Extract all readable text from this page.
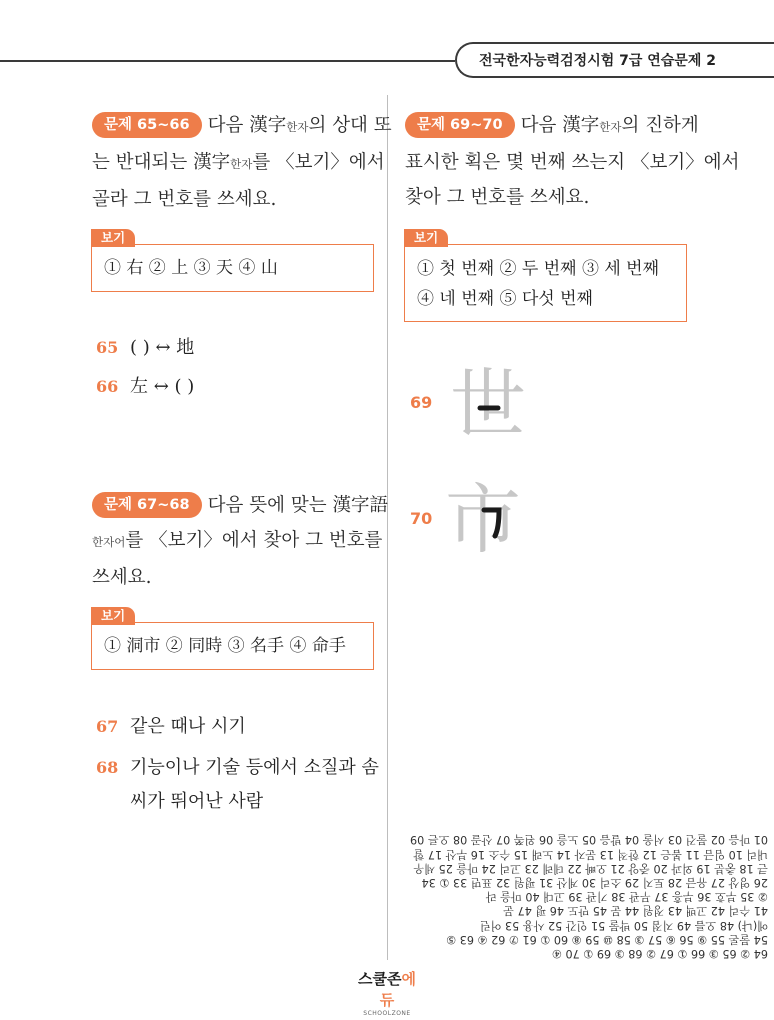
전국한자능력검정시험 7급 연습문제 2
문제 65~66 다음 漢字한자의 상대 또
는 반대되는 漢字한자를 〈보기〉에서
골라 그 번호를 쓰세요.
보기
① 右 ② 上 ③ 天 ④ 山
65 ( ) ↔ 地
66 左 ↔ ( )
문제 67~68 다음 뜻에 맞는 漢字語
한자어를 〈보기〉에서 찾아 그 번호를
쓰세요.
보기
① 洞市 ② 同時 ③ 名手 ④ 命手
67 같은 때나 시기
68 기능이나 기술 등에서 소질과 솜
씨가 뛰어난 사람
문제 69~70 다음 漢字한자의 진하게
표시한 획은 몇 번째 쓰는지 〈보기〉에서
찾아 그 번호를 쓰세요.
보기
① 첫 번째 ② 두 번째 ③ 세 번째
④ 네 번째 ⑤ 다섯 번째
69 世
70 市
64 ② 65 ③ 66 ① 67 ② 68 ③ 69 ① 70 ④
54 물론 55 ⑨ 56 ⑥ 57 ③ 58 ⑩ 59 ⑧ 60 ① 61 ⑦ 62 ④ 63 ⑤
에(냐) 48 오름 49 지점 50 박물 51 인간 52 사용 53 어린
41 수리 42 고백 43 정원 44 문 45 만도 46 평 47 문
② 35 부호 36 부흥 37 무관 38 기관 39 고대 40 마을 라
26 영상 27 유금 28 토지 29 소리 30 계산 31 평원 32 표면 33 ① 34
큰 18 충분 19 외과 20 중앙 21 오빠 22 데레 23 고리 24 마을 25 세우
내리 10 임금 11 봄은 12 한적 13 문자 14 노래 15 수소 16 부산 17 할
01 마음 02 물건 03 서울 04 발음 05 노을 06 왼쪽 07 산골 08 오른 09
스쿨존에듀
SCHOOLZONE
